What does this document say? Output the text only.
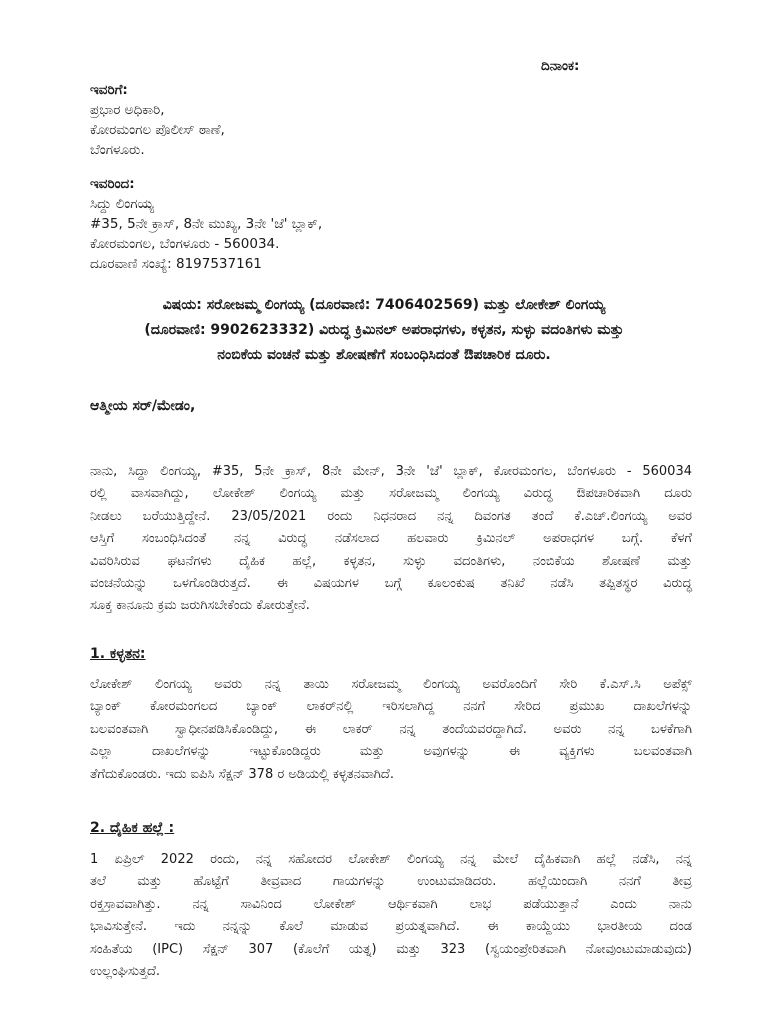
ದಿನಾಂಕ:
ಇವರಿಗೆ:
ಪ್ರಭಾರ ಅಧಿಕಾರಿ,
ಕೋರಮಂಗಲ ಪೊಲೀಸ್ ಠಾಣೆ,
ಬೆಂಗಳೂರು.
ಇವರಿಂದ:
ಸಿದ್ದು ಲಿಂಗಯ್ಯ
#35, 5ನೇ ಕ್ರಾಸ್, 8ನೇ ಮುಖ್ಯ, 3ನೇ 'ಜೆ' ಬ್ಲಾಕ್,
ಕೋರಮಂಗಲ, ಬೆಂಗಳೂರು - 560034.
ದೂರವಾಣಿ ಸಂಖ್ಯೆ: 8197537161
ವಿಷಯ: ಸರೋಜಮ್ಮ ಲಿಂಗಯ್ಯ (ದೂರವಾಣಿ: 7406402569) ಮತ್ತು ಲೋಕೇಶ್ ಲಿಂಗಯ್ಯ
(ದೂರವಾಣಿ: 9902623332) ವಿರುದ್ಧ ಕ್ರಿಮಿನಲ್ ಅಪರಾಧಗಳು, ಕಳ್ಳತನ, ಸುಳ್ಳು ವದಂತಿಗಳು ಮತ್ತು
ನಂಬಿಕೆಯ ವಂಚನೆ ಮತ್ತು ಶೋಷಣೆಗೆ ಸಂಬಂಧಿಸಿದಂತೆ ಔಪಚಾರಿಕ ದೂರು.
ಆತ್ಮೀಯ ಸರ್/ಮೇಡಂ,
ನಾನು, ಸಿದ್ದಾ ಲಿಂಗಯ್ಯ, #35, 5ನೇ ಕ್ರಾಸ್, 8ನೇ ಮೇನ್, 3ನೇ 'ಜೆ' ಬ್ಲಾಕ್, ಕೋರಮಂಗಲ, ಬೆಂಗಳೂರು - 560034
ರಲ್ಲಿ ವಾಸವಾಗಿದ್ದು, ಲೋಕೇಶ್ ಲಿಂಗಯ್ಯ ಮತ್ತು ಸರೋಜಮ್ಮ ಲಿಂಗಯ್ಯ ವಿರುದ್ಧ ಔಪಚಾರಿಕವಾಗಿ ದೂರು
ನೀಡಲು ಬರೆಯುತ್ತಿದ್ದೇನೆ. 23/05/2021 ರಂದು ನಿಧನರಾದ ನನ್ನ ದಿವಂಗತ ತಂದೆ ಕೆ.ಎಚ್.ಲಿಂಗಯ್ಯ ಅವರ
ಆಸ್ತಿಗೆ ಸಂಬಂಧಿಸಿದಂತೆ ನನ್ನ ವಿರುದ್ಧ ನಡೆಸಲಾದ ಹಲವಾರು ಕ್ರಿಮಿನಲ್ ಅಪರಾಧಗಳ ಬಗ್ಗೆ. ಕೆಳಗೆ
ವಿವರಿಸಿರುವ ಘಟನೆಗಳು ದೈಹಿಕ ಹಲ್ಲೆ, ಕಳ್ಳತನ, ಸುಳ್ಳು ವದಂತಿಗಳು, ನಂಬಿಕೆಯ ಶೋಷಣೆ ಮತ್ತು
ವಂಚನೆಯನ್ನು ಒಳಗೊಂಡಿರುತ್ತದೆ. ಈ ವಿಷಯಗಳ ಬಗ್ಗೆ ಕೂಲಂಕುಷ ತನಿಖೆ ನಡೆಸಿ ತಪ್ಪಿತಸ್ಥರ ವಿರುದ್ಧ
ಸೂಕ್ತ ಕಾನೂನು ಕ್ರಮ ಜರುಗಿಸಬೇಕೆಂದು ಕೋರುತ್ತೇನೆ.
1. ಕಳ್ಳತನ:
ಲೋಕೇಶ್ ಲಿಂಗಯ್ಯ ಅವರು ನನ್ನ ತಾಯಿ ಸರೋಜಮ್ಮ ಲಿಂಗಯ್ಯ ಅವರೊಂದಿಗೆ ಸೇರಿ ಕೆ.ಎಸ್.ಸಿ ಅಪೆಕ್ಸ್
ಬ್ಯಾಂಕ್ ಕೋರಮಂಗಲದ ಬ್ಯಾಂಕ್ ಲಾಕರ್‌ನಲ್ಲಿ ಇರಿಸಲಾಗಿದ್ದ ನನಗೆ ಸೇರಿದ ಪ್ರಮುಖ ದಾಖಲೆಗಳನ್ನು
ಬಲವಂತವಾಗಿ ಸ್ವಾಧೀನಪಡಿಸಿಕೊಂಡಿದ್ದು, ಈ ಲಾಕರ್ ನನ್ನ ತಂದೆಯವರದ್ದಾಗಿದೆ. ಅವರು ನನ್ನ ಬಳಕೆಗಾಗಿ
ಎಲ್ಲಾ ದಾಖಲೆಗಳನ್ನು ಇಟ್ಟುಕೊಂಡಿದ್ದರು ಮತ್ತು ಅವುಗಳನ್ನು ಈ ವ್ಯಕ್ತಿಗಳು ಬಲವಂತವಾಗಿ
ತೆಗೆದುಕೊಂಡರು. ಇದು ಐಪಿಸಿ ಸೆಕ್ಷನ್ 378 ರ ಅಡಿಯಲ್ಲಿ ಕಳ್ಳತನವಾಗಿದೆ.
2. ದೈಹಿಕ ಹಲ್ಲೆ :
1 ಏಪ್ರಿಲ್ 2022 ರಂದು, ನನ್ನ ಸಹೋದರ ಲೋಕೇಶ್ ಲಿಂಗಯ್ಯ ನನ್ನ ಮೇಲೆ ದೈಹಿಕವಾಗಿ ಹಲ್ಲೆ ನಡೆಸಿ, ನನ್ನ
ತಲೆ ಮತ್ತು ಹೊಟ್ಟೆಗೆ ತೀವ್ರವಾದ ಗಾಯಗಳನ್ನು ಉಂಟುಮಾಡಿದರು. ಹಲ್ಲೆಯಿಂದಾಗಿ ನನಗೆ ತೀವ್ರ
ರಕ್ತಸ್ರಾವವಾಗಿತ್ತು. ನನ್ನ ಸಾವಿನಿಂದ ಲೋಕೇಶ್ ಆರ್ಥಿಕವಾಗಿ ಲಾಭ ಪಡೆಯುತ್ತಾನೆ ಎಂದು ನಾನು
ಭಾವಿಸುತ್ತೇನೆ. ಇದು ನನ್ನನ್ನು ಕೊಲೆ ಮಾಡುವ ಪ್ರಯತ್ನವಾಗಿದೆ. ಈ ಕಾಯ್ದೆಯು ಭಾರತೀಯ ದಂಡ
ಸಂಹಿತೆಯ (IPC) ಸೆಕ್ಷನ್ 307 (ಕೊಲೆಗೆ ಯತ್ನ) ಮತ್ತು 323 (ಸ್ವಯಂಪ್ರೇರಿತವಾಗಿ ನೋವುಂಟುಮಾಡುವುದು)
ಉಲ್ಲಂಘಿಸುತ್ತದೆ.
